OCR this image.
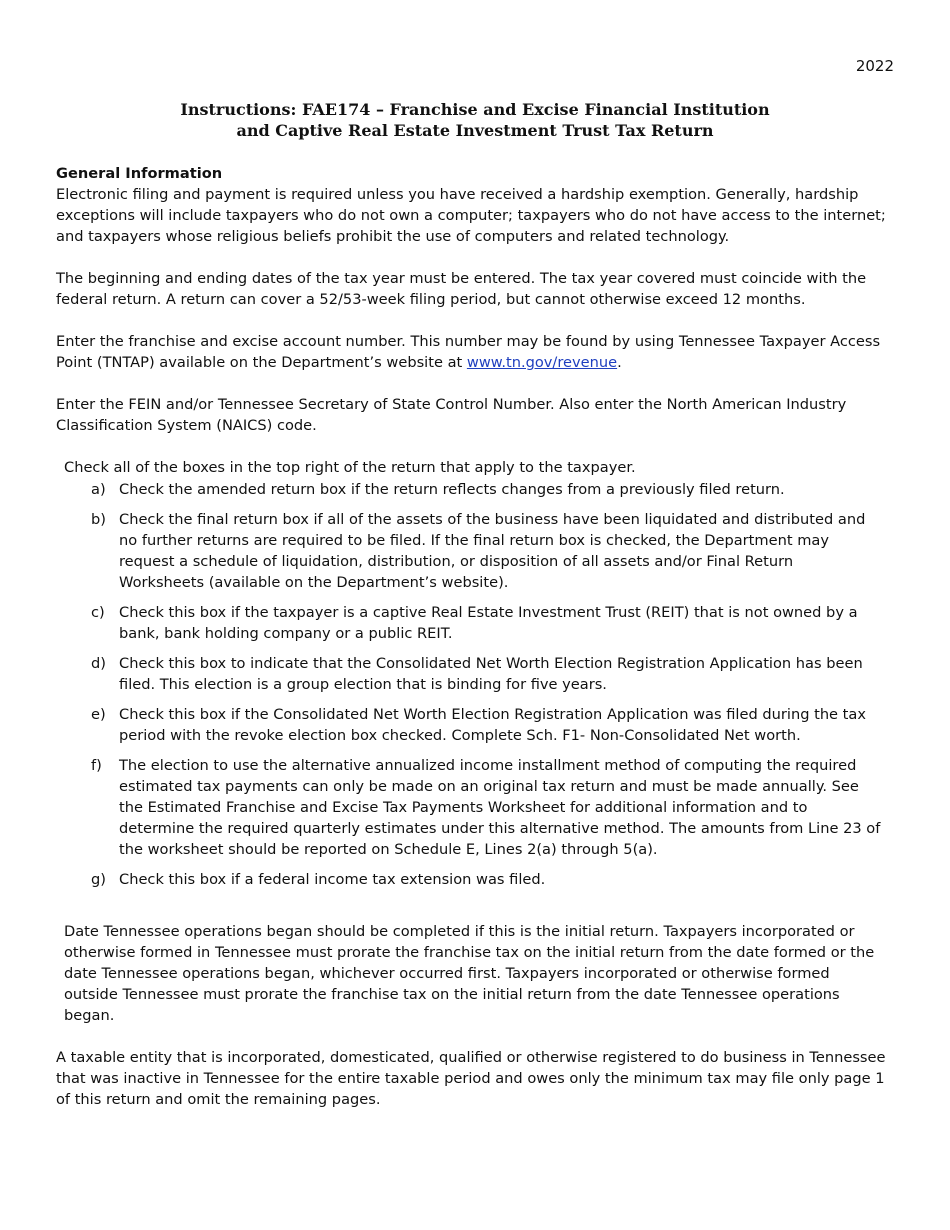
2022
Instructions: FAE174 – Franchise and Excise Financial Institution
and Captive Real Estate Investment Trust Tax Return
General Information

Electronic filing and payment is required unless you have received a hardship exemption. Generally, hardship exceptions will include taxpayers who do not own a computer; taxpayers who do not have access to the internet; and taxpayers whose religious beliefs prohibit the use of computers and related technology.

The beginning and ending dates of the tax year must be entered. The tax year covered must coincide with the federal return. A return can cover a 52/53-week filing period, but cannot otherwise exceed 12 months.

Enter the franchise and excise account number. This number may be found by using Tennessee Taxpayer Access Point (TNTAP) available on the Department’s website at www.tn.gov/revenue.

Enter the FEIN and/or Tennessee Secretary of State Control Number. Also enter the North American Industry Classification System (NAICS) code.

Check all of the boxes in the top right of the return that apply to the taxpayer.
a) Check the amended return box if the return reflects changes from a previously filed return.
b) Check the final return box if all of the assets of the business have been liquidated and distributed and no further returns are required to be filed. If the final return box is checked, the Department may request a schedule of liquidation, distribution, or disposition of all assets and/or Final Return Worksheets (available on the Department’s website).
c) Check this box if the taxpayer is a captive Real Estate Investment Trust (REIT) that is not owned by a bank, bank holding company or a public REIT.
d) Check this box to indicate that the Consolidated Net Worth Election Registration Application has been filed. This election is a group election that is binding for five years.
e) Check this box if the Consolidated Net Worth Election Registration Application was filed during the tax period with the revoke election box checked. Complete Sch. F1- Non-Consolidated Net worth.
f)	The election to use the alternative annualized income installment method of computing the required estimated tax payments can only be made on an original tax return and must be made annually. See the Estimated Franchise and Excise Tax Payments Worksheet for additional information and to determine the required quarterly estimates under this alternative method. The amounts from Line 23 of the worksheet should be reported on Schedule E, Lines 2(a) through 5(a).
g) Check this box if a federal income tax extension was filed.

Date Tennessee operations began should be completed if this is the initial return. Taxpayers incorporated or otherwise formed in Tennessee must prorate the franchise tax on the initial return from the date formed or the date Tennessee operations began, whichever occurred first. Taxpayers incorporated or otherwise formed outside Tennessee must prorate the franchise tax on the initial return from the date Tennessee operations began.

A taxable entity that is incorporated, domesticated, qualified or otherwise registered to do business in Tennessee that was inactive in Tennessee for the entire taxable period and owes only the minimum tax may file only page 1 of this return and omit the remaining pages.
